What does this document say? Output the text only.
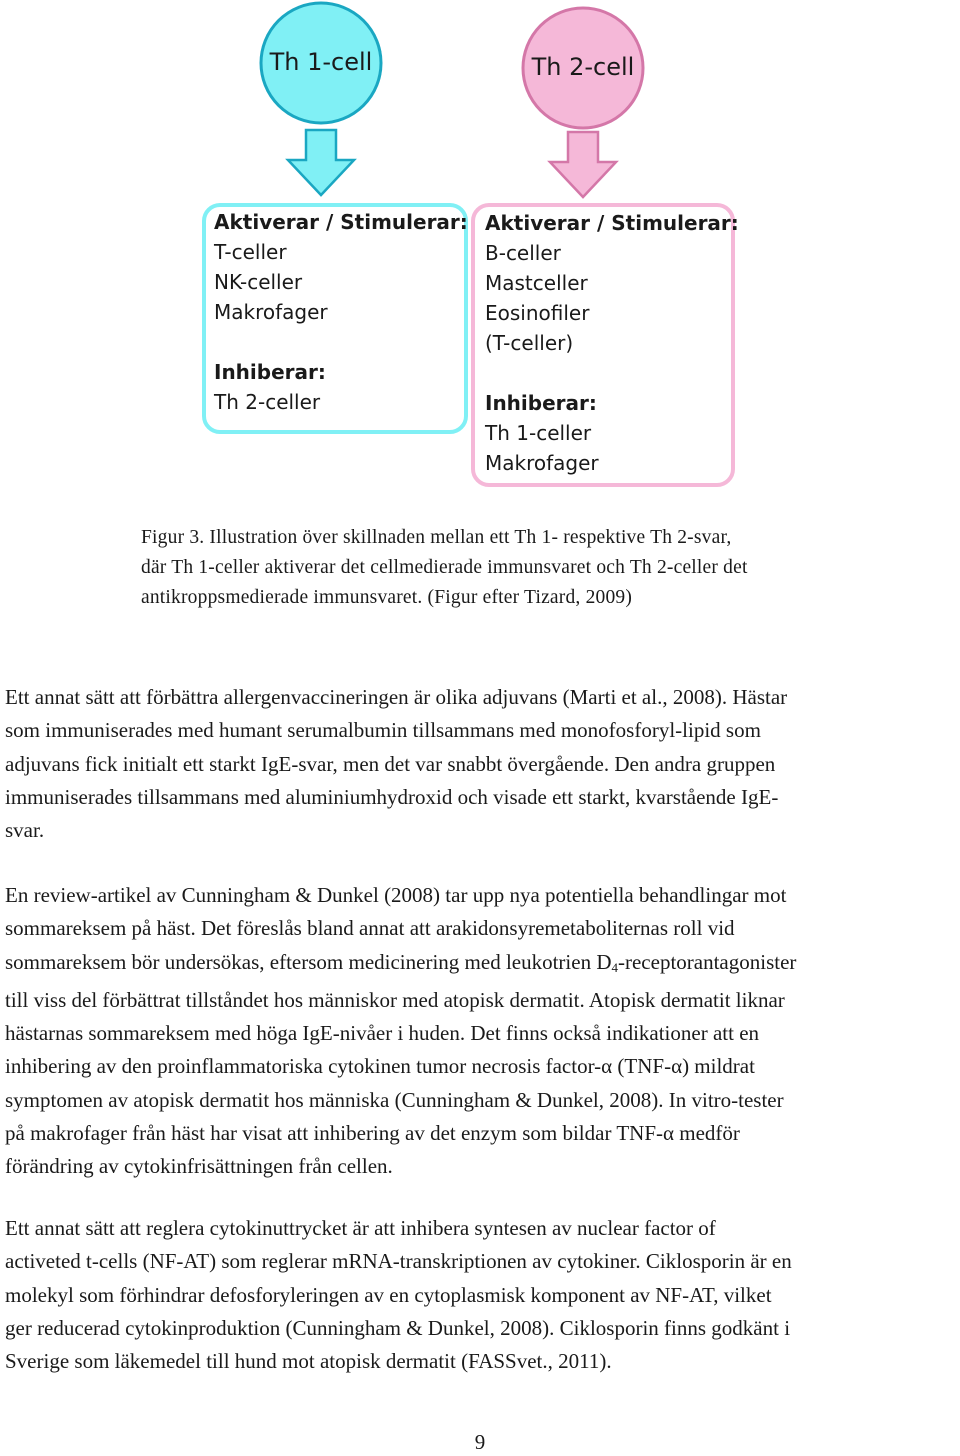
Th 1-cell	Th 2-cell
Aktiverar / Stimulerar:
T-celler
NK-celler
Makrofager
Inhiberar:
Th 2-celler
Aktiverar / Stimulerar:
B-celler
Mastceller
Eosinofiler
(T-celler)
Inhiberar:
Th 1-celler
Makrofager
Figur 3. Illustration över skillnaden mellan ett Th 1- respektive Th 2-svar,
där Th 1-celler aktiverar det cellmedierade immunsvaret och Th 2-celler det
antikroppsmedierade immunsvaret. (Figur efter Tizard, 2009)
Ett annat sätt att förbättra allergenvaccineringen är olika adjuvans (Marti et al., 2008). Hästar
som immuniserades med humant serumalbumin tillsammans med monofosforyl-lipid som
adjuvans fick initialt ett starkt IgE-svar, men det var snabbt övergående. Den andra gruppen
immuniserades tillsammans med aluminiumhydroxid och visade ett starkt, kvarstående IgE-
svar.
En review-artikel av Cunningham & Dunkel (2008) tar upp nya potentiella behandlingar mot
sommareksem på häst. Det föreslås bland annat att arakidonsyremetaboliternas roll vid
sommareksem bör undersökas, eftersom medicinering med leukotrien $D_4$-receptorantagonister
till viss del förbättrat tillståndet hos människor med atopisk dermatit. Atopisk dermatit liknar
hästarnas sommareksem med höga IgE-nivåer i huden. Det finns också indikationer att en
inhibering av den proinflammatoriska cytokinen tumor necrosis factor-α (TNF-α) mildrat
symptomen av atopisk dermatit hos människa (Cunningham & Dunkel, 2008). In vitro-tester
på makrofager från häst har visat att inhibering av det enzym som bildar TNF-α medför
förändring av cytokinfrisättningen från cellen.
Ett annat sätt att reglera cytokinuttrycket är att inhibera syntesen av nuclear factor of
activeted t-cells (NF-AT) som reglerar mRNA-transkriptionen av cytokiner. Ciklosporin är en
molekyl som förhindrar defosforyleringen av en cytoplasmisk komponent av NF-AT, vilket
ger reducerad cytokinproduktion (Cunningham & Dunkel, 2008). Ciklosporin finns godkänt i
Sverige som läkemedel till hund mot atopisk dermatit (FASSvet., 2011).
9
